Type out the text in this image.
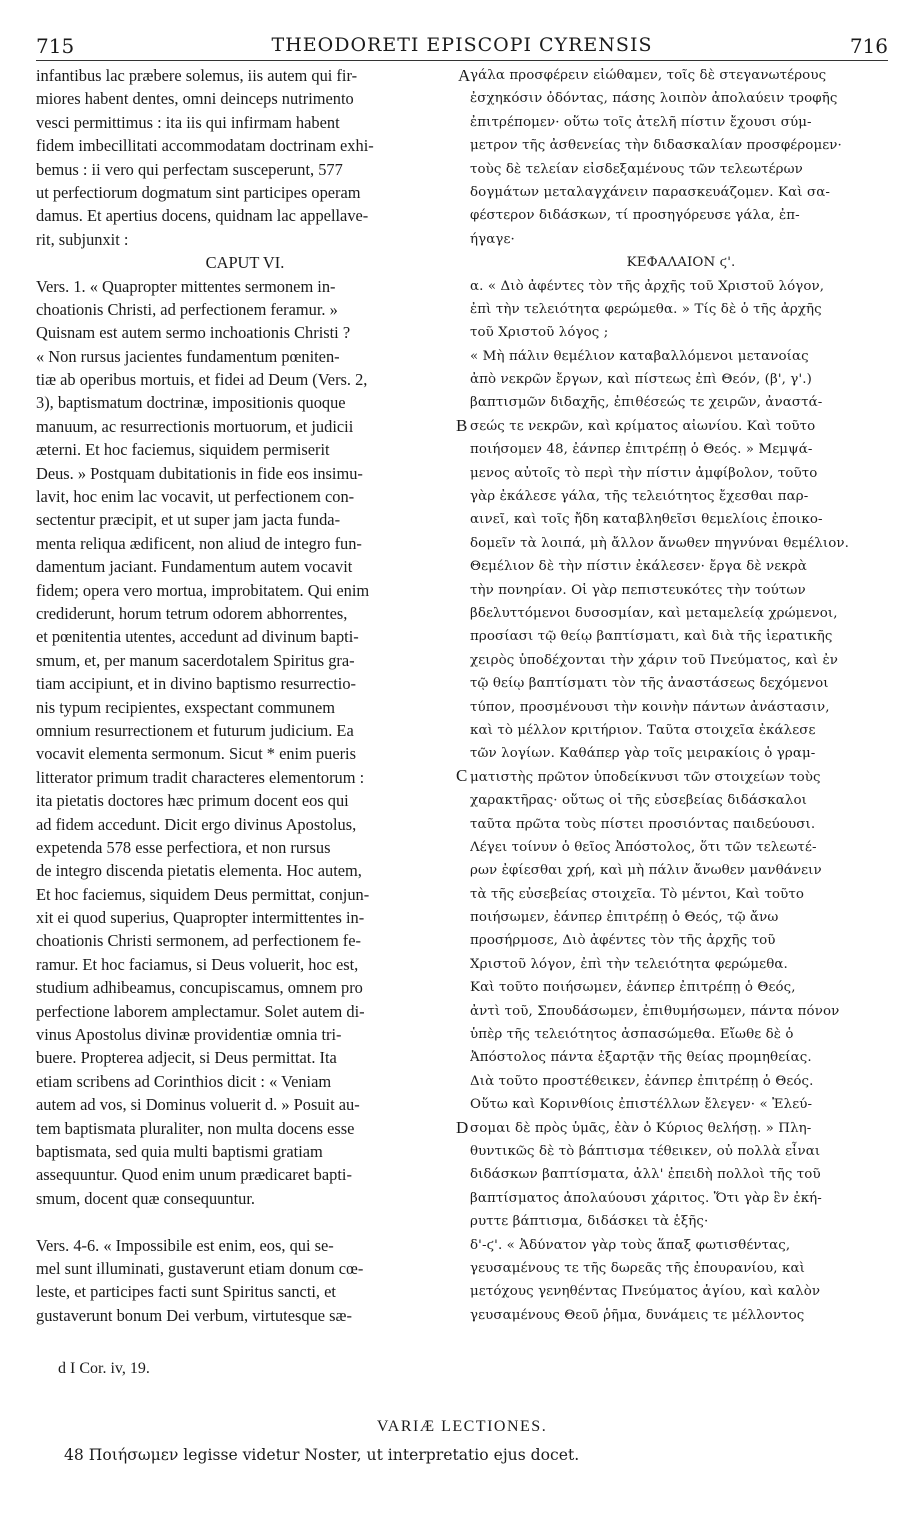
715	THEODORETI EPISCOPI CYRENSIS	716
infantibus lac præbere solemus, iis autem qui fir-
miores habent dentes, omni deinceps nutrimento
vesci permittimus : ita iis qui infirmam habent
fidem imbecillitati accommodatam doctrinam exhi-
bemus : ii vero qui perfectam susceperunt, 577
ut perfectiorum dogmatum sint participes operam
damus. Et apertius docens, quidnam lac appellave-
rit, subjunxit :
CAPUT VI.
Vers. 1. « Quapropter mittentes sermonem in-
choationis Christi, ad perfectionem feramur. »
Quisnam est autem sermo inchoationis Christi ?
« Non rursus jacientes fundamentum pœniten-
tiæ ab operibus mortuis, et fidei ad Deum (Vers. 2,
3), baptismatum doctrinæ, impositionis quoque
manuum, ac resurrectionis mortuorum, et judicii
æterni. Et hoc faciemus, siquidem permiserit
Deus. » Postquam dubitationis in fide eos insimu-
lavit, hoc enim lac vocavit, ut perfectionem con-
sectentur præcipit, et ut super jam jacta funda-
menta reliqua ædificent, non aliud de integro fun-
damentum jaciant. Fundamentum autem vocavit
fidem; opera vero mortua, improbitatem. Qui enim
crediderunt, horum tetrum odorem abhorrentes,
et pœnitentia utentes, accedunt ad divinum bapti-
smum, et, per manum sacerdotalem Spiritus gra-
tiam accipiunt, et in divino baptismo resurrectio-
nis typum recipientes, exspectant communem
omnium resurrectionem et futurum judicium. Ea
vocavit elementa sermonum. Sicut * enim pueris
litterator primum tradit characteres elementorum :
ita pietatis doctores hæc primum docent eos qui
ad fidem accedunt. Dicit ergo divinus Apostolus,
expetenda 578 esse perfectiora, et non rursus
de integro discenda pietatis elementa. Hoc autem,
Et hoc faciemus, siquidem Deus permittat, conjun-
xit ei quod superius, Quapropter intermittentes in-
choationis Christi sermonem, ad perfectionem fe-
ramur. Et hoc faciamus, si Deus voluerit, hoc est,
studium adhibeamus, concupiscamus, omnem pro
perfectione laborem amplectamur. Solet autem di-
vinus Apostolus divinæ providentiæ omnia tri-
buere. Propterea adjecit, si Deus permittat. Ita
etiam scribens ad Corinthios dicit : « Veniam
autem ad vos, si Dominus voluerit d. » Posuit au-
tem baptismata pluraliter, non multa docens esse
baptismata, sed quia multi baptismi gratiam
assequuntur. Quod enim unum prædicaret bapti-
smum, docent quæ consequuntur.
Vers. 4-6. « Impossibile est enim, eos, qui se-
mel sunt illuminati, gustaverunt etiam donum cœ-
leste, et participes facti sunt Spiritus sancti, et
gustaverunt bonum Dei verbum, virtutesque sæ-
γάλα προσφέρειν εἰώθαμεν, τοῖς δὲ στεγανωτέρους
ἐσχηκόσιν ὀδόντας, πάσης λοιπὸν ἀπολαύειν τροφῆς
ἐπιτρέπομεν· οὕτω τοῖς ἀτελῆ πίστιν ἔχουσι σύμ-
μετρον τῆς ἀσθενείας τὴν διδασκαλίαν προσφέρομεν·
τοὺς δὲ τελείαν εἰσδεξαμένους τῶν τελεωτέρων
δογμάτων μεταλαγχάνειν παρασκευάζομεν. Καὶ σα-
φέστερον διδάσκων, τί προσηγόρευσε γάλα, ἐπ-
ήγαγε·
ΚΕΦΑΛΑΙΟΝ ϛ'.
α. « Διὸ ἀφέντες τὸν τῆς ἀρχῆς τοῦ Χριστοῦ λόγον,
ἐπὶ τὴν τελειότητα φερώμεθα. » Τίς δὲ ὁ τῆς ἀρχῆς
τοῦ Χριστοῦ λόγος ;
« Μὴ πάλιν θεμέλιον καταβαλλόμενοι μετανοίας
ἀπὸ νεκρῶν ἔργων, καὶ πίστεως ἐπὶ Θεόν, (β', γ'.)
βαπτισμῶν διδαχῆς, ἐπιθέσεώς τε χειρῶν, ἀναστά-
σεώς τε νεκρῶν, καὶ κρίματος αἰωνίου. Καὶ τοῦτο
ποιήσομεν 48, ἐάνπερ ἐπιτρέπῃ ὁ Θεός. » Μεμψά-
μενος αὐτοῖς τὸ περὶ τὴν πίστιν ἀμφίβολον, τοῦτο
γὰρ ἐκάλεσε γάλα, τῆς τελειότητος ἔχεσθαι παρ-
αινεῖ, καὶ τοῖς ἤδη καταβληθεῖσι θεμελίοις ἐποικο-
δομεῖν τὰ λοιπά, μὴ ἄλλον ἄνωθεν πηγνύναι θεμέλιον.
Θεμέλιον δὲ τὴν πίστιν ἐκάλεσεν· ἔργα δὲ νεκρὰ
τὴν πονηρίαν. Οἱ γὰρ πεπιστευκότες τὴν τούτων
βδελυττόμενοι δυσοσμίαν, καὶ μεταμελείᾳ χρώμενοι,
προσίασι τῷ θείῳ βαπτίσματι, καὶ διὰ τῆς ἱερατικῆς
χειρὸς ὑποδέχονται τὴν χάριν τοῦ Πνεύματος, καὶ ἐν
τῷ θείῳ βαπτίσματι τὸν τῆς ἀναστάσεως δεχόμενοι
τύπον, προσμένουσι τὴν κοινὴν πάντων ἀνάστασιν,
καὶ τὸ μέλλον κριτήριον. Ταῦτα στοιχεῖα ἐκάλεσε
τῶν λογίων. Καθάπερ γὰρ τοῖς μειρακίοις ὁ γραμ-
ματιστὴς πρῶτον ὑποδείκνυσι τῶν στοιχείων τοὺς
χαρακτῆρας· οὕτως οἱ τῆς εὐσεβείας διδάσκαλοι
ταῦτα πρῶτα τοὺς πίστει προσιόντας παιδεύουσι.
Λέγει τοίνυν ὁ θεῖος Ἀπόστολος, ὅτι τῶν τελεωτέ-
ρων ἐφίεσθαι χρή, καὶ μὴ πάλιν ἄνωθεν μανθάνειν
τὰ τῆς εὐσεβείας στοιχεῖα. Τὸ μέντοι, Καὶ τοῦτο
ποιήσωμεν, ἐάνπερ ἐπιτρέπῃ ὁ Θεός, τῷ ἄνω
προσήρμοσε, Διὸ ἀφέντες τὸν τῆς ἀρχῆς τοῦ
Χριστοῦ λόγον, ἐπὶ τὴν τελειότητα φερώμεθα.
Καὶ τοῦτο ποιήσωμεν, ἐάνπερ ἐπιτρέπῃ ὁ Θεός,
ἀντὶ τοῦ, Σπουδάσωμεν, ἐπιθυμήσωμεν, πάντα πόνον
ὑπὲρ τῆς τελειότητος ἀσπασώμεθα. Εἴωθε δὲ ὁ
Ἀπόστολος πάντα ἐξαρτᾷν τῆς θείας προμηθείας.
Διὰ τοῦτο προστέθεικεν, ἐάνπερ ἐπιτρέπῃ ὁ Θεός.
Οὕτω καὶ Κορινθίοις ἐπιστέλλων ἔλεγεν· « Ἐλεύ-
σομαι δὲ πρὸς ὑμᾶς, ἐὰν ὁ Κύριος θελήσῃ. » Πλη-
θυντικῶς δὲ τὸ βάπτισμα τέθεικεν, οὐ πολλὰ εἶναι
διδάσκων βαπτίσματα, ἀλλ' ἐπειδὴ πολλοὶ τῆς τοῦ
βαπτίσματος ἀπολαύουσι χάριτος. Ὅτι γὰρ ἓν ἐκή-
ρυττε βάπτισμα, διδάσκει τὰ ἑξῆς·
δ'-ϛ'. « Ἀδύνατον γὰρ τοὺς ἅπαξ φωτισθέντας,
γευσαμένους τε τῆς δωρεᾶς τῆς ἐπουρανίου, καὶ
μετόχους γενηθέντας Πνεύματος ἁγίου, καὶ καλὸν
γευσαμένους Θεοῦ ῥῆμα, δυνάμεις τε μέλλοντος
A
B
C
D
d I Cor. iv, 19.
VARIÆ LECTIONES.
48 Ποιήσωμεν legisse videtur Noster, ut interpretatio ejus docet.
